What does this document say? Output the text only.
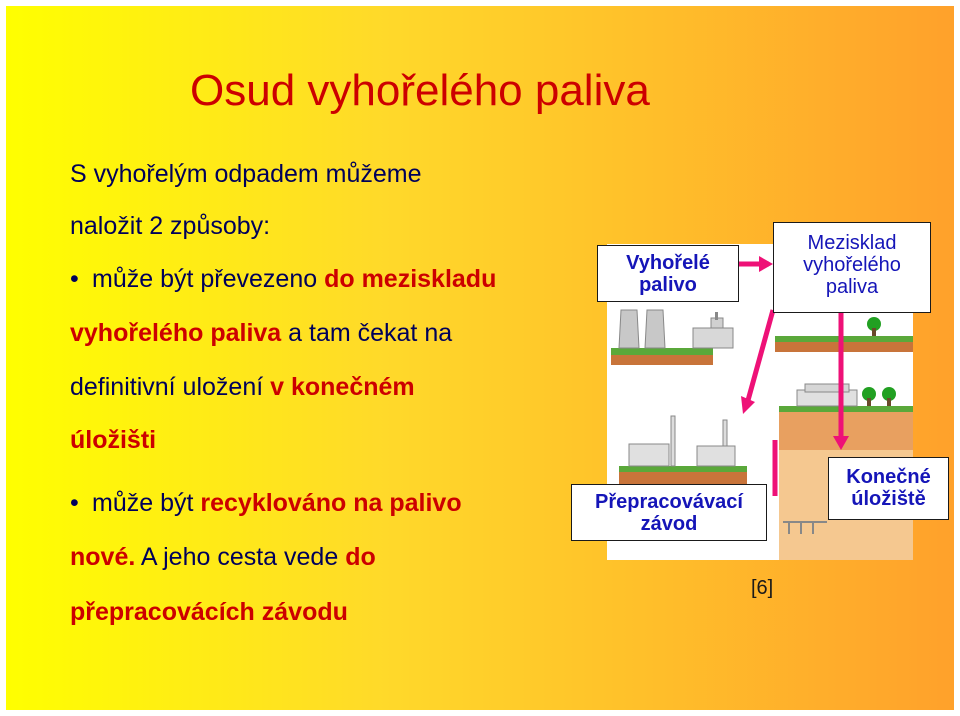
Osud vyhořelého paliva
S vyhořelým odpadem můžeme
naložit 2 způsoby:
• může být převezeno do meziskladu
vyhořelého paliva a tam čekat na
definitivní uložení v konečném
úložišti
• může být recyklováno na palivo
nové. A jeho cesta vede do
přepracovácích závodu
Vyhořelé
palivo
Mezisklad
vyhořelého
paliva
Přepracovávací
závod
Konečné
úložiště
[6]
